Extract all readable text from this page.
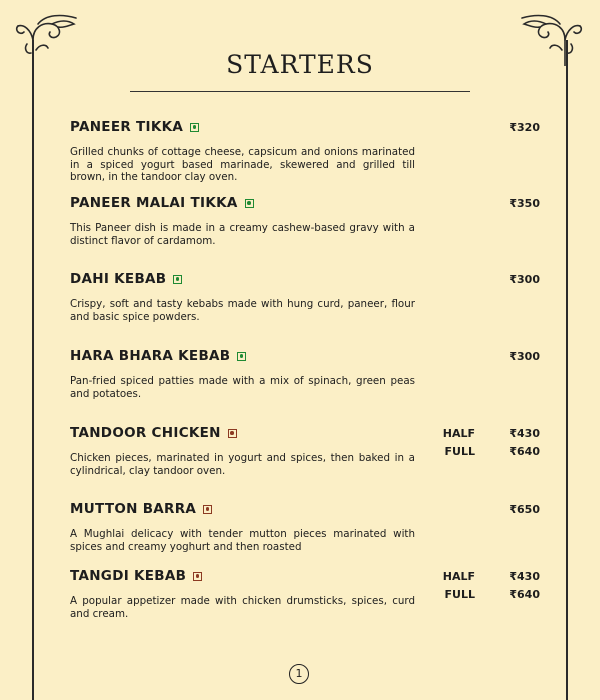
STARTERS
PANEER TIKKA
Grilled chunks of cottage cheese, capsicum and onions marinated in a spiced yogurt based marinade, skewered and grilled till brown, in the tandoor clay oven.
₹320
PANEER MALAI TIKKA
This Paneer dish is made in a creamy cashew-based gravy with a distinct flavor of cardamom.
₹350
DAHI KEBAB
Crispy, soft and tasty kebabs made with hung curd, paneer, flour and basic spice powders.
₹300
HARA BHARA KEBAB
Pan-fried spiced patties made with a mix of spinach, green peas and potatoes.
₹300
TANDOOR CHICKEN
Chicken pieces, marinated in yogurt and spices, then baked in a cylindrical, clay tandoor oven.
HALF	₹430
FULL	₹640
MUTTON BARRA
A Mughlai delicacy with tender mutton pieces marinated with spices and creamy yoghurt and then roasted
₹650
TANGDI KEBAB
A popular appetizer made with chicken drumsticks, spices, curd and cream.
HALF	₹430
FULL	₹640
1
